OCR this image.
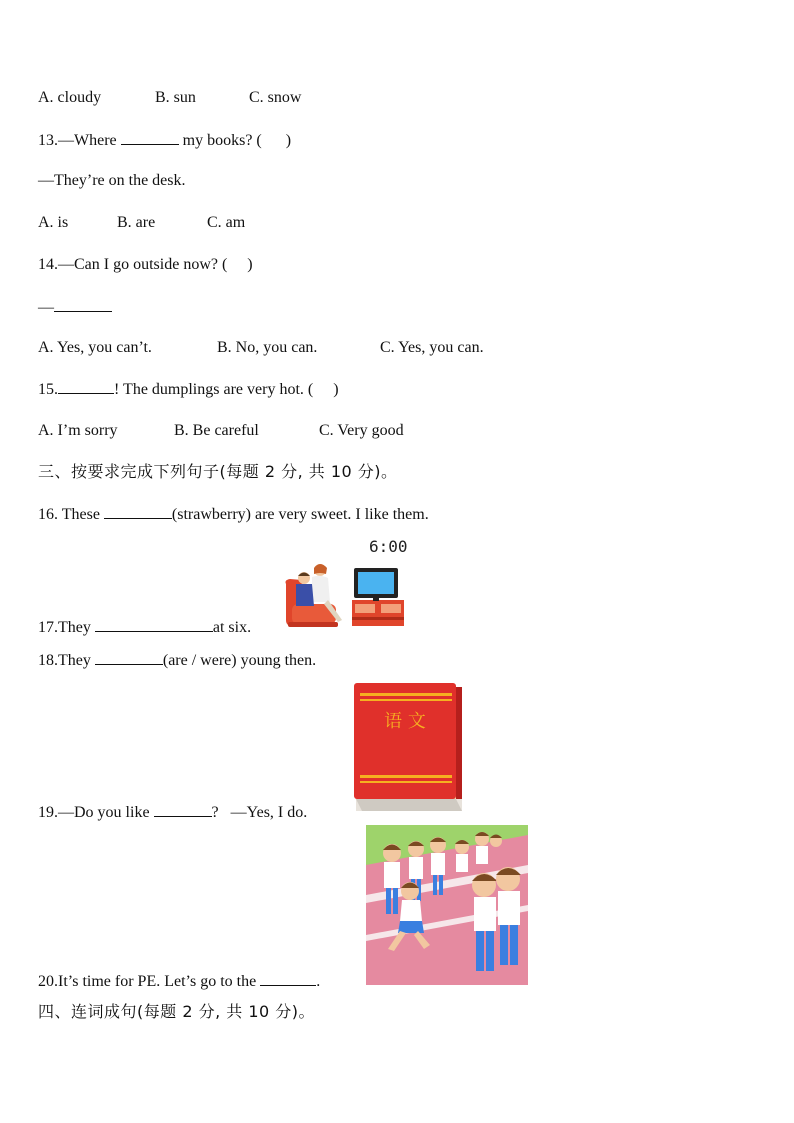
A. cloudy	B. sun	C. snow
13.—Where	my books? (      )
—They’re on the desk.
A. is	B. are	C. am
14.—Can I go outside now? (     )
—
A. Yes, you can’t.	B. No, you can.	C. Yes, you can.
15.	! The dumplings are very hot. (     )
A. I’m sorry	B. Be careful	C. Very good
三、按要求完成下列句子(每题 2 分, 共 10 分)。
16. These	(strawberry) are very sweet. I like them.
6:00
17.They	at six.
18.They	(are / were) young then.
语 文
19.—Do you like	?   —Yes, I do.
20.It’s time for PE. Let’s go to the	.
四、连词成句(每题 2 分, 共 10 分)。
